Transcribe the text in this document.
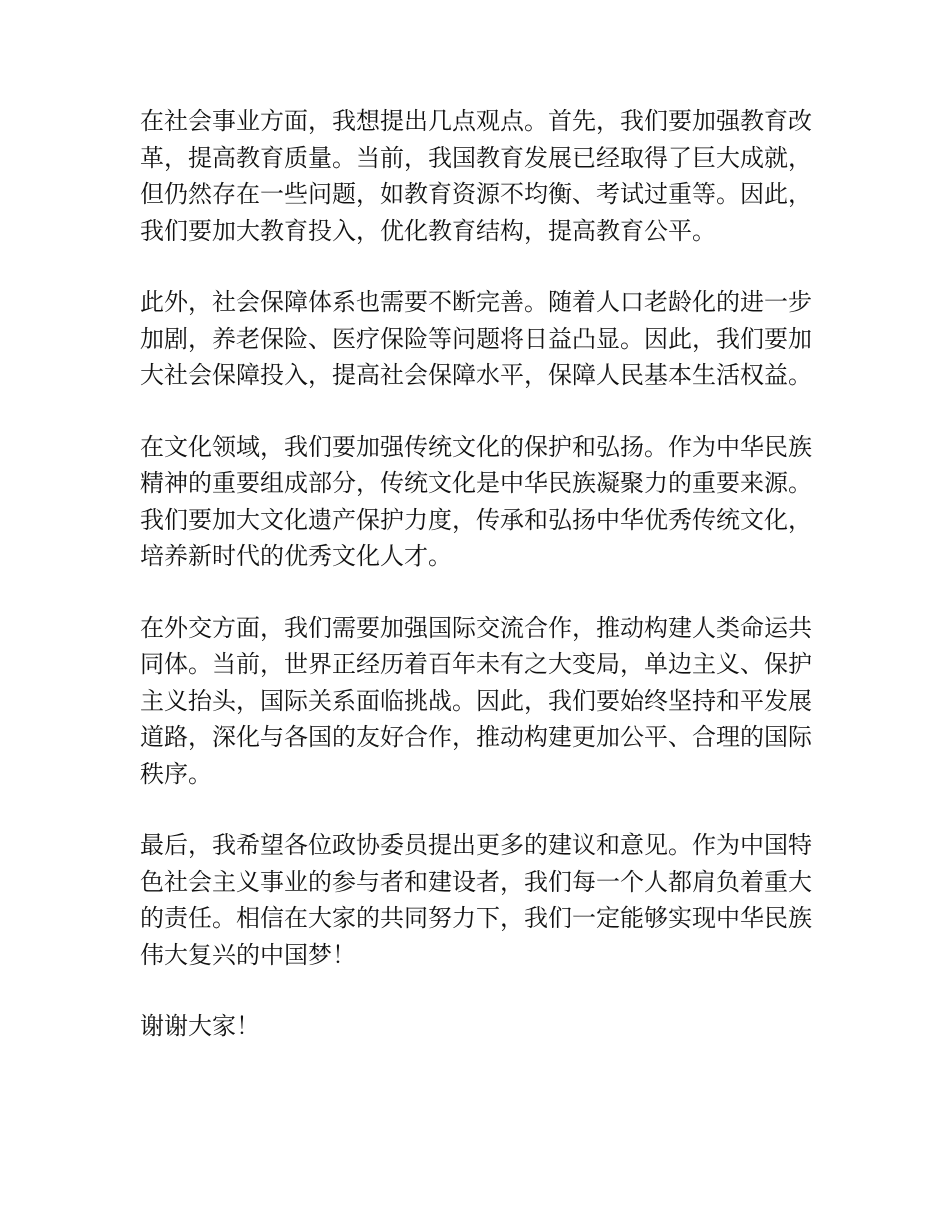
在社会事业方面，我想提出几点观点。首先，我们要加强教育改革，提高教育质量。当前，我国教育发展已经取得了巨大成就，但仍然存在一些问题，如教育资源不均衡、考试过重等。因此，我们要加大教育投入，优化教育结构，提高教育公平。

此外，社会保障体系也需要不断完善。随着人口老龄化的进一步加剧，养老保险、医疗保险等问题将日益凸显。因此，我们要加大社会保障投入，提高社会保障水平，保障人民基本生活权益。

在文化领域，我们要加强传统文化的保护和弘扬。作为中华民族精神的重要组成部分，传统文化是中华民族凝聚力的重要来源。我们要加大文化遗产保护力度，传承和弘扬中华优秀传统文化，培养新时代的优秀文化人才。

在外交方面，我们需要加强国际交流合作，推动构建人类命运共同体。当前，世界正经历着百年未有之大变局，单边主义、保护主义抬头，国际关系面临挑战。因此，我们要始终坚持和平发展道路，深化与各国的友好合作，推动构建更加公平、合理的国际秩序。

最后，我希望各位政协委员提出更多的建议和意见。作为中国特色社会主义事业的参与者和建设者，我们每一个人都肩负着重大的责任。相信在大家的共同努力下，我们一定能够实现中华民族伟大复兴的中国梦！

谢谢大家！
